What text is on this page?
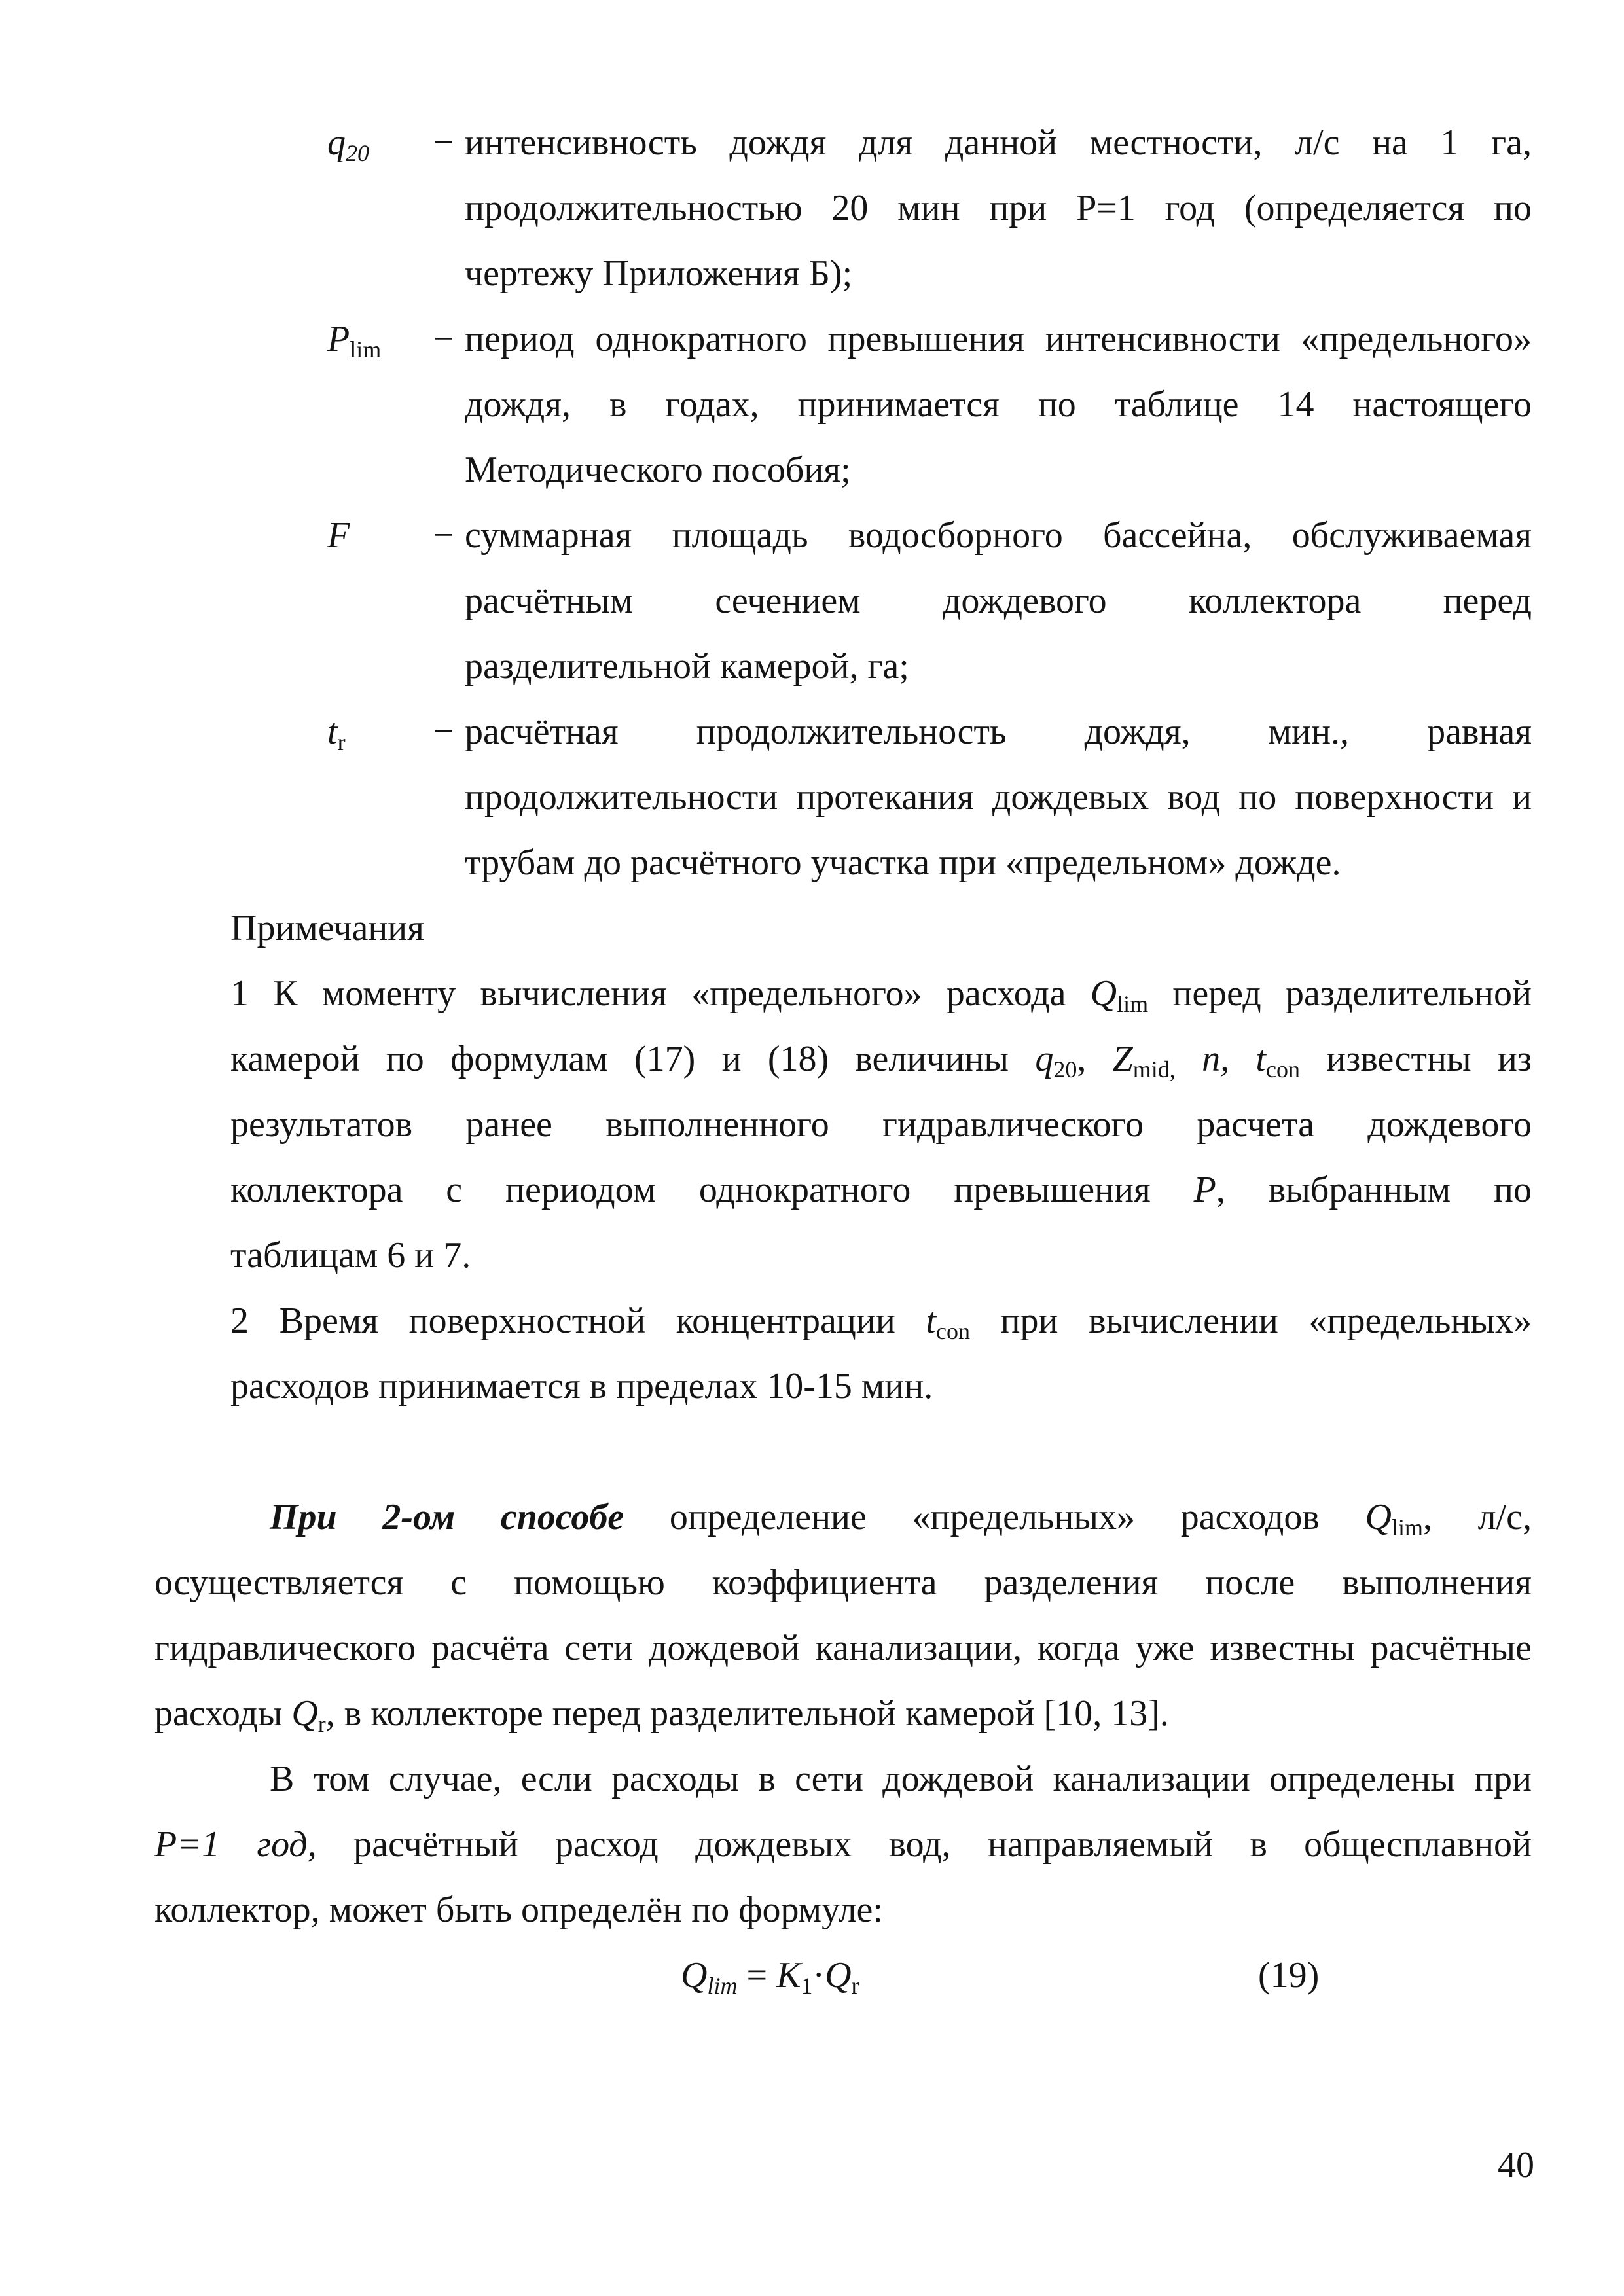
q20 − интенсивность дождя для данной местности, л/с на 1 га,
продолжительностью 20 мин при Р=1 год (определяется по
чертежу Приложения Б);
$P_{lim}$ − период однократного превышения интенсивности «предельного»
дождя, в годах, принимается по таблице 14 настоящего
Методического пособия;
F − суммарная площадь водосборного бассейна, обслуживаемая
расчётным сечением дождевого коллектора перед
разделительной камерой, га;
$t_r$ − расчётная продолжительность дождя, мин., равная
продолжительности протекания дождевых вод по поверхности и
трубам до расчётного участка при «предельном» дожде.
Примечания
1 К моменту вычисления «предельного» расхода $Q_{lim}$ перед разделительной
камерой по формулам (17) и (18) величины $q_{20}$, $Z_{mid,}$ n, $t_{con}$ известны из
результатов ранее выполненного гидравлического расчета дождевого
коллектора с периодом однократного превышения P, выбранным по
таблицам 6 и 7.
2 Время поверхностной концентрации $t_{con}$ при вычислении «предельных»
расходов принимается в пределах 10-15 мин.
При 2-ом способе определение «предельных» расходов $Q_{lim}$, л/с,
осуществляется с помощью коэффициента разделения после выполнения
гидравлического расчёта сети дождевой канализации, когда уже известны расчётные
расходы $Q_r$, в коллекторе перед разделительной камерой [10, 13].
В том случае, если расходы в сети дождевой канализации определены при
P=1 год, расчётный расход дождевых вод, направляемый в общесплавной
коллектор, может быть определён по формуле:
$Qlim = K_1\cdot Q_r$	(19)
40
